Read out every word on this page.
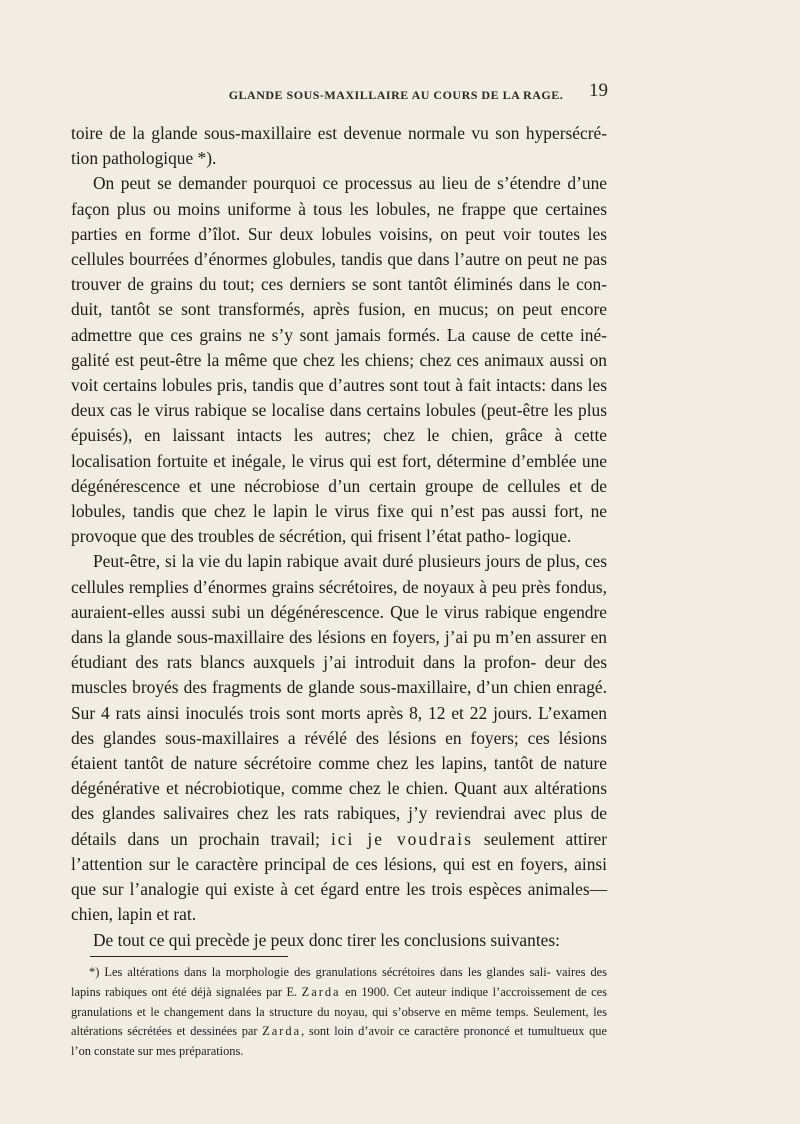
GLANDE SOUS-MAXILLAIRE AU COURS DE LA RAGE.	19

toire de la glande sous-maxillaire est devenue normale vu son hypersécré- tion pathologique *).

On peut se demander pourquoi ce processus au lieu de s’étendre d’une façon plus ou moins uniforme à tous les lobules, ne frappe que certaines parties en forme d’îlot. Sur deux lobules voisins, on peut voir toutes les cellules bourrées d’énormes globules, tandis que dans l’autre on peut ne pas trouver de grains du tout; ces derniers se sont tantôt éliminés dans le con- duit, tantôt se sont transformés, après fusion, en mucus; on peut encore admettre que ces grains ne s’y sont jamais formés. La cause de cette iné- galité est peut-être la même que chez les chiens; chez ces animaux aussi on voit certains lobules pris, tandis que d’autres sont tout à fait intacts: dans les deux cas le virus rabique se localise dans certains lobules (peut-être les plus épuisés), en laissant intacts les autres; chez le chien, grâce à cette localisation fortuite et inégale, le virus qui est fort, détermine d’emblée une dégénérescence et une nécrobiose d’un certain groupe de cellules et de lobules, tandis que chez le lapin le virus fixe qui n’est pas aussi fort, ne provoque que des troubles de sécrétion, qui frisent l’état patho- logique.

Peut-être, si la vie du lapin rabique avait duré plusieurs jours de plus, ces cellules remplies d’énormes grains sécrétoires, de noyaux à peu près fondus, auraient-elles aussi subi un dégénérescence. Que le virus rabique engendre dans la glande sous-maxillaire des lésions en foyers, j’ai pu m’en assurer en étudiant des rats blancs auxquels j’ai introduit dans la profon- deur des muscles broyés des fragments de glande sous-maxillaire, d’un chien enragé. Sur 4 rats ainsi inoculés trois sont morts après 8, 12 et 22 jours. L’examen des glandes sous-maxillaires a révélé des lésions en foyers; ces lésions étaient tantôt de nature sécrétoire comme chez les lapins, tantôt de nature dégénérative et nécrobiotique, comme chez le chien. Quant aux altérations des glandes salivaires chez les rats rabiques, j’y reviendrai avec plus de détails dans un prochain travail; ici je voudrais seulement attirer l’attention sur le caractère principal de ces lésions, qui est en foyers, ainsi que sur l’analogie qui existe à cet égard entre les trois espèces animales— chien, lapin et rat.

De tout ce qui precède je peux donc tirer les conclusions suivantes:

*) Les altérations dans la morphologie des granulations sécrétoires dans les glandes sali- vaires des lapins rabiques ont été déjà signalées par E. Zarda en 1900. Cet auteur indique l’accroissement de ces granulations et le changement dans la structure du noyau, qui s’observe en même temps. Seulement, les altérations sécrétées et dessinées par Zarda, sont loin d’avoir ce caractère prononcé et tumultueux que l’on constate sur mes préparations.
